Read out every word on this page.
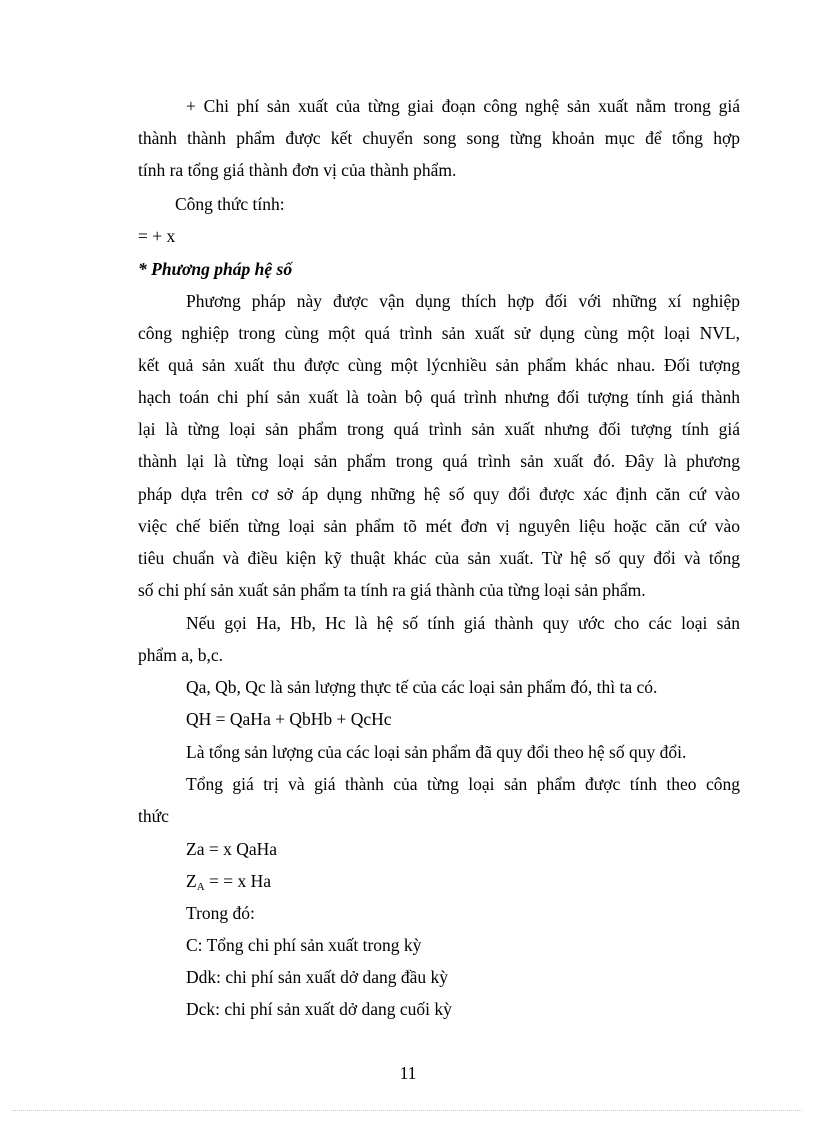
+ Chi phí sản xuất của từng giai đoạn công nghệ sản xuất nằm trong giá
thành thành phẩm được kết chuyển song song từng khoản mục để tổng hợp
tính ra tổng giá thành đơn vị của thành phẩm.
Công thức tính:
= + x
* Phương pháp hệ số
Phương pháp này được vận dụng thích hợp đối với những xí nghiệp
công nghiệp trong cùng một quá trình sản xuất sử dụng cùng một loại NVL,
kết quả sản xuất thu được cùng một lýcnhiều sản phẩm khác nhau. Đối tượng
hạch toán chi phí sản xuất là toàn bộ quá trình nhưng đối tượng tính giá thành
lại là từng loại sản phẩm trong quá trình sản xuất nhưng đối tượng tính giá
thành lại là từng loại sản phẩm trong quá trình sản xuất đó. Đây là phương
pháp dựa trên cơ sở áp dụng những hệ số quy đổi được xác định căn cứ vào
việc chế biến từng loại sản phẩm tõ mét đơn vị nguyên liệu hoặc căn cứ vào
tiêu chuẩn và điều kiện kỹ thuật khác của sản xuất. Từ hệ số quy đổi và tổng
số chi phí sản xuất sản phẩm ta tính ra giá thành của từng loại sản phẩm.
Nếu gọi Ha, Hb, Hc là hệ số tính giá thành quy ước cho các loại sản
phẩm a, b,c.
Qa, Qb, Qc là sản lượng thực tế của các loại sản phẩm đó, thì ta có.
QH = QaHa + QbHb + QcHc
Là tổng sản lượng của các loại sản phẩm đã quy đổi theo hệ số quy đổi.
Tổng giá trị và giá thành của từng loại sản phẩm được tính theo công
thức
Za = x QaHa
$Z_A$ = = x Ha
Trong đó:
C: Tổng chi phí sản xuất trong kỳ
Ddk: chi phí sản xuất dở dang đầu kỳ
Dck: chi phí sản xuất dở dang cuối kỳ
11
